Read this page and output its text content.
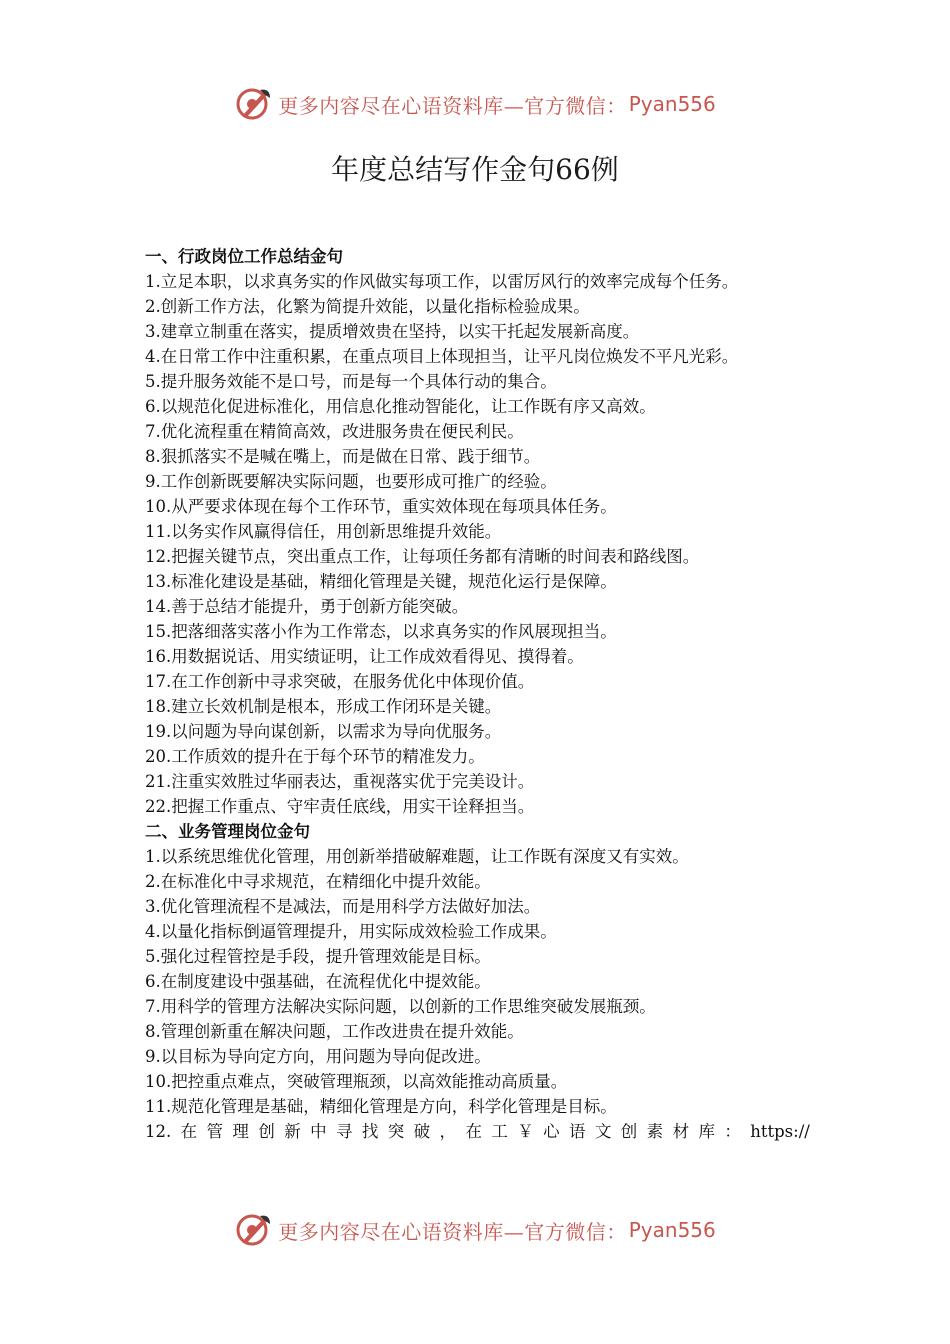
更多内容尽在心语资料库—官方微信： Pyan556
年度总结写作金句66例
一、行政岗位工作总结金句
1.立足本职，以求真务实的作风做实每项工作，以雷厉风行的效率完成每个任务。
2.创新工作方法，化繁为简提升效能，以量化指标检验成果。
3.建章立制重在落实，提质增效贵在坚持，以实干托起发展新高度。
4.在日常工作中注重积累，在重点项目上体现担当，让平凡岗位焕发不平凡光彩。
5.提升服务效能不是口号，而是每一个具体行动的集合。
6.以规范化促进标准化，用信息化推动智能化，让工作既有序又高效。
7.优化流程重在精简高效，改进服务贵在便民利民。
8.狠抓落实不是喊在嘴上，而是做在日常、践于细节。
9.工作创新既要解决实际问题，也要形成可推广的经验。
10.从严要求体现在每个工作环节，重实效体现在每项具体任务。
11.以务实作风赢得信任，用创新思维提升效能。
12.把握关键节点，突出重点工作，让每项任务都有清晰的时间表和路线图。
13.标准化建设是基础，精细化管理是关键，规范化运行是保障。
14.善于总结才能提升，勇于创新方能突破。
15.把落细落实落小作为工作常态，以求真务实的作风展现担当。
16.用数据说话、用实绩证明，让工作成效看得见、摸得着。
17.在工作创新中寻求突破，在服务优化中体现价值。
18.建立长效机制是根本，形成工作闭环是关键。
19.以问题为导向谋创新，以需求为导向优服务。
20.工作质效的提升在于每个环节的精准发力。
21.注重实效胜过华丽表达，重视落实优于完美设计。
22.把握工作重点、守牢责任底线，用实干诠释担当。
二、业务管理岗位金句
1.以系统思维优化管理，用创新举措破解难题，让工作既有深度又有实效。
2.在标准化中寻求规范，在精细化中提升效能。
3.优化管理流程不是减法，而是用科学方法做好加法。
4.以量化指标倒逼管理提升，用实际成效检验工作成果。
5.强化过程管控是手段，提升管理效能是目标。
6.在制度建设中强基础，在流程优化中提效能。
7.用科学的管理方法解决实际问题，以创新的工作思维突破发展瓶颈。
8.管理创新重在解决问题，工作改进贵在提升效能。
9.以目标为导向定方向，用问题为导向促改进。
10.把控重点难点，突破管理瓶颈，以高效能推动高质量。
11.规范化管理是基础，精细化管理是方向，科学化管理是目标。
12. 在 管 理 创 新 中 寻 找 突 破 ， 在 工 ￥ 心 语 文 创 素 材 库 ： https://
更多内容尽在心语资料库—官方微信： Pyan556
